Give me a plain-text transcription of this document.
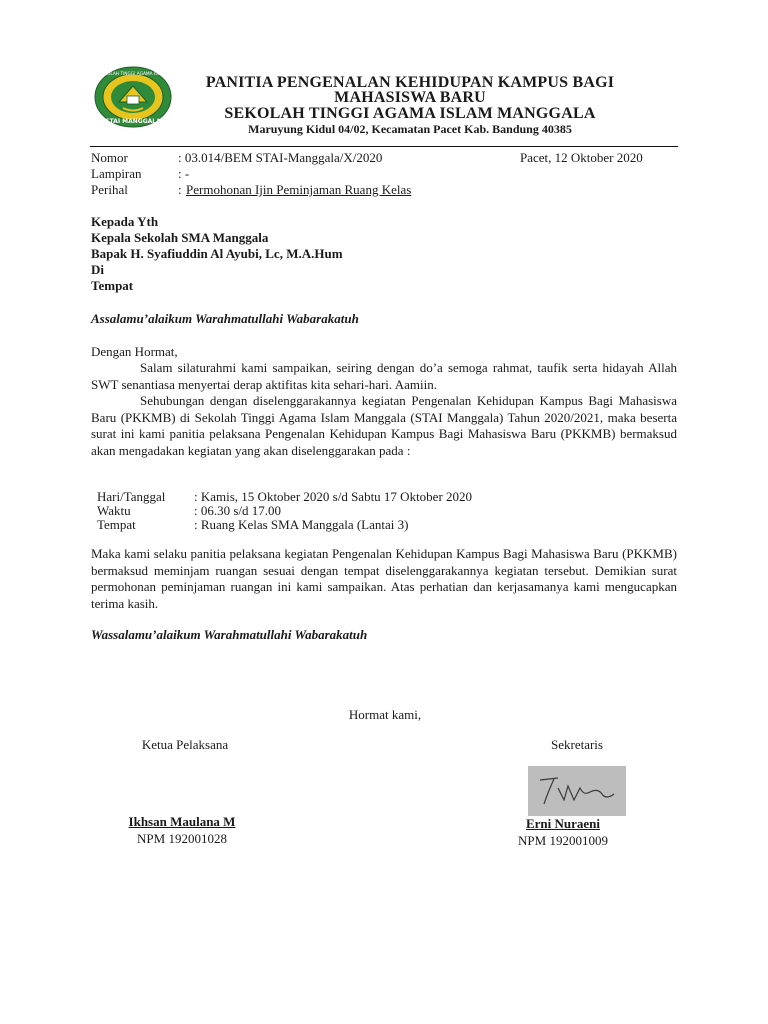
SEKOLAH TINGGI AGAMA ISLAM
STAI MANGGALA
PANITIA PENGENALAN KEHIDUPAN KAMPUS BAGI
MAHASISWA BARU
SEKOLAH TINGGI AGAMA ISLAM MANGGALA
Maruyung Kidul 04/02, Kecamatan Pacet Kab. Bandung 40385
Nomor	: 03.014/BEM STAI-Manggala/X/2020	Pacet, 12 Oktober 2020
Lampiran	: -
Perihal	: Permohonan Ijin Peminjaman Ruang Kelas
Kepada Yth
Kepala Sekolah SMA Manggala
Bapak H. Syafiuddin Al Ayubi, Lc, M.A.Hum
Di
Tempat
Assalamu’alaikum Warahmatullahi Wabarakatuh
Dengan Hormat,
Salam silaturahmi kami sampaikan, seiring dengan do’a semoga rahmat, taufik serta hidayah Allah SWT senantiasa menyertai derap aktifitas kita sehari-hari. Aamiin.
Sehubungan dengan diselenggarakannya kegiatan Pengenalan Kehidupan Kampus Bagi Mahasiswa Baru (PKKMB) di Sekolah Tinggi Agama Islam Manggala (STAI Manggala) Tahun 2020/2021, maka beserta surat ini kami panitia pelaksana Pengenalan Kehidupan Kampus Bagi Mahasiswa Baru (PKKMB) bermaksud akan mengadakan kegiatan yang akan diselenggarakan pada :
Hari/Tanggal : Kamis, 15 Oktober 2020 s/d Sabtu 17 Oktober 2020
Waktu	: 06.30 s/d 17.00
Tempat	: Ruang Kelas SMA Manggala (Lantai 3)
Maka kami selaku panitia pelaksana kegiatan Pengenalan Kehidupan Kampus Bagi Mahasiswa Baru (PKKMB) bermaksud meminjam ruangan sesuai dengan tempat diselenggarakannya kegiatan tersebut. Demikian surat permohonan peminjaman ruangan ini kami sampaikan. Atas perhatian dan kerjasamanya kami mengucapkan terima kasih.
Wassalamu’alaikum Warahmatullahi Wabarakatuh
Hormat kami,
Ketua Pelaksana
Ikhsan Maulana M
NPM 192001028
Sekretaris
Erni Nuraeni
NPM 192001009
